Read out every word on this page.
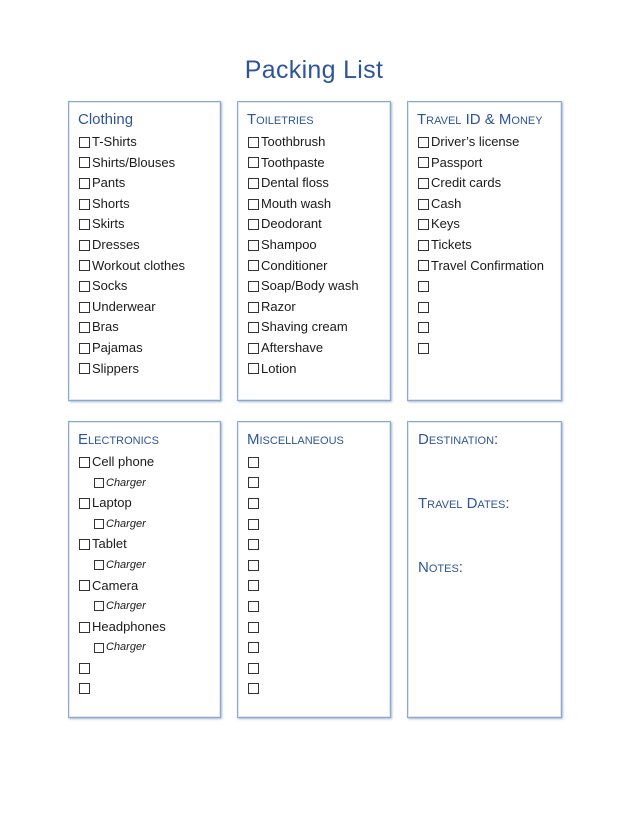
Packing List
Clothing
T-Shirts
Shirts/Blouses
Pants
Shorts
Skirts
Dresses
Workout clothes
Socks
Underwear
Bras
Pajamas
Slippers
Toiletries
Toothbrush
Toothpaste
Dental floss
Mouth wash
Deodorant
Shampoo
Conditioner
Soap/Body wash
Razor
Shaving cream
Aftershave
Lotion
Travel ID & Money
Driver’s license
Passport
Credit cards
Cash
Keys
Tickets
Travel Confirmation
Electronics
Cell phone
Charger
Laptop
Charger
Tablet
Charger
Camera
Charger
Headphones
Charger
Miscellaneous	Destination:
Travel Dates:
Notes:
